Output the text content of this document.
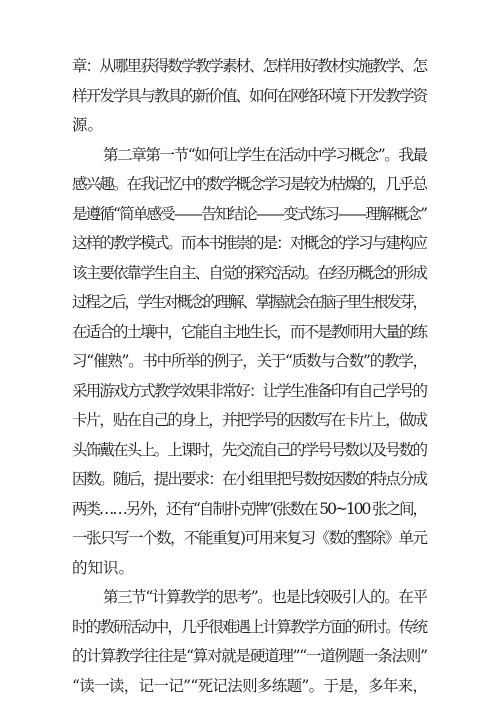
章：从哪里获得数学教学素材、怎样用好教材实施教学、怎
样开发学具与教具的新价值、如何在网络环境下开发教学资
源。
第二章第一节“如何让学生在活动中学习概念”。我最
感兴趣。在我记忆中的数学概念学习是较为枯燥的，几乎总
是遵循“简单感受——告知结论——变式练习——理解概念”
这样的教学模式。而本书推崇的是：对概念的学习与建构应
该主要依靠学生自主、自觉的探究活动。在经历概念的形成
过程之后，学生对概念的理解、掌握就会在脑子里生根发芽，
在适合的土壤中，它能自主地生长，而不是教师用大量的练
习“催熟”。书中所举的例子，关于“质数与合数”的教学，
采用游戏方式教学效果非常好：让学生准备印有自己学号的
卡片，贴在自己的身上，并把学号的因数写在卡片上，做成
头饰戴在头上。上课时，先交流自己的学号号数以及号数的
因数。随后，提出要求：在小组里把号数按因数的特点分成
两类……另外，还有“自制扑克牌”(张数在 50~100 张之间，
一张只写一个数，不能重复)可用来复习《数的整除》单元
的知识。
第三节“计算教学的思考”。也是比较吸引人的。在平
时的教研活动中，几乎很难遇上计算教学方面的研讨。传统
的计算教学往往是“算对就是硬道理”“一道例题一条法则”
“读一读，记一记”“死记法则多练题”。于是，多年来，
